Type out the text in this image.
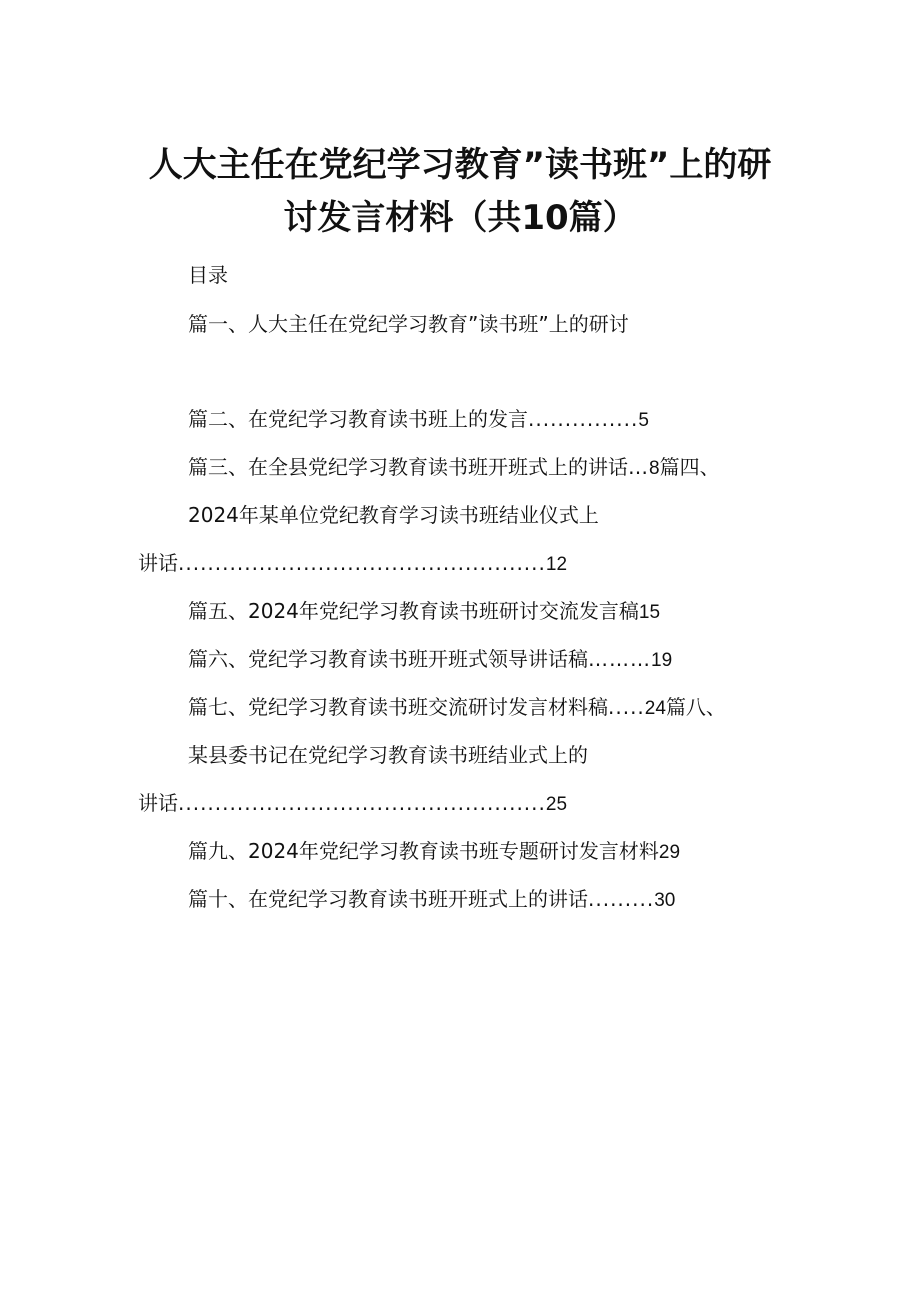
人大主任在党纪学习教育”读书班”上的研
讨发言材料（共10篇）
目录
篇一、人大主任在党纪学习教育”读书班”上的研讨
篇二、在党纪学习教育读书班上的发言...............5
篇三、在全县党纪学习教育读书班开班式上的讲话…8篇四、
2024年某单位党纪教育学习读书班结业仪式上
讲话..................................................12
篇五、2024年党纪学习教育读书班研讨交流发言稿15
篇六、党纪学习教育读书班开班式领导讲话稿………19
篇七、党纪学习教育读书班交流研讨发言材料稿.....24篇八、
某县委书记在党纪学习教育读书班结业式上的
讲话..................................................25
篇九、2024年党纪学习教育读书班专题研讨发言材料29
篇十、在党纪学习教育读书班开班式上的讲话.........30
